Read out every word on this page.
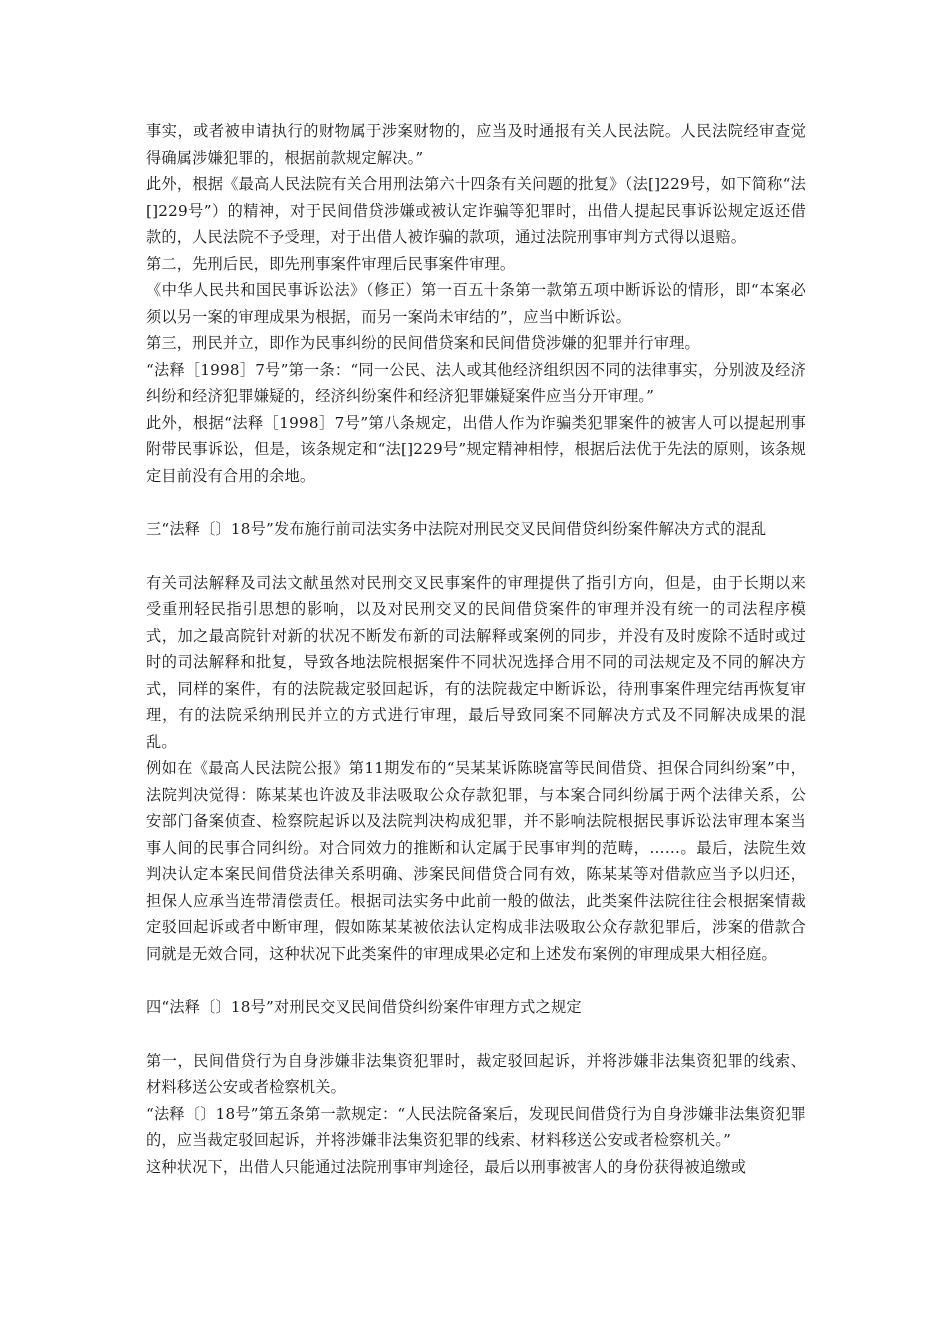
事实，或者被申请执行的财物属于涉案财物的，应当及时通报有关人民法院。人民法院经审查觉得确属涉嫌犯罪的，根据前款规定解决。”

此外，根据《最高人民法院有关合用刑法第六十四条有关问题的批复》（法[]229号，如下简称“法[]229号”）的精神，对于民间借贷涉嫌或被认定诈骗等犯罪时，出借人提起民事诉讼规定返还借款的，人民法院不予受理，对于出借人被诈骗的款项，通过法院刑事审判方式得以退赔。

第二，先刑后民，即先刑事案件审理后民事案件审理。

《中华人民共和国民事诉讼法》（修正）第一百五十条第一款第五项中断诉讼的情形，即“本案必须以另一案的审理成果为根据，而另一案尚未审结的”，应当中断诉讼。

第三，刑民并立，即作为民事纠纷的民间借贷案和民间借贷涉嫌的犯罪并行审理。

“法释［1998］7号”第一条：“同一公民、法人或其他经济组织因不同的法律事实，分别波及经济纠纷和经济犯罪嫌疑的，经济纠纷案件和经济犯罪嫌疑案件应当分开审理。”

此外，根据“法释［1998］7号”第八条规定，出借人作为诈骗类犯罪案件的被害人可以提起刑事附带民事诉讼，但是，该条规定和“法[]229号”规定精神相悖，根据后法优于先法的原则，该条规定目前没有合用的余地。

三“法释〔〕18号”发布施行前司法实务中法院对刑民交叉民间借贷纠纷案件解决方式的混乱

有关司法解释及司法文献虽然对民刑交叉民事案件的审理提供了指引方向，但是，由于长期以来受重刑轻民指引思想的影响，以及对民刑交叉的民间借贷案件的审理并没有统一的司法程序模式，加之最高院针对新的状况不断发布新的司法解释或案例的同步，并没有及时废除不适时或过时的司法解释和批复，导致各地法院根据案件不同状况选择合用不同的司法规定及不同的解决方式，同样的案件，有的法院裁定驳回起诉，有的法院裁定中断诉讼，待刑事案件理完结再恢复审理，有的法院采纳刑民并立的方式进行审理，最后导致同案不同解决方式及不同解决成果的混乱。

例如在《最高人民法院公报》第11期发布的“吴某某诉陈晓富等民间借贷、担保合同纠纷案”中，法院判决觉得：陈某某也许波及非法吸取公众存款犯罪，与本案合同纠纷属于两个法律关系，公安部门备案侦查、检察院起诉以及法院判决构成犯罪，并不影响法院根据民事诉讼法审理本案当事人间的民事合同纠纷。对合同效力的推断和认定属于民事审判的范畴，……。最后，法院生效判决认定本案民间借贷法律关系明确、涉案民间借贷合同有效，陈某某等对借款应当予以归还，担保人应承当连带清偿责任。根据司法实务中此前一般的做法，此类案件法院往往会根据案情裁定驳回起诉或者中断审理，假如陈某某被依法认定构成非法吸取公众存款犯罪后，涉案的借款合同就是无效合同，这种状况下此类案件的审理成果必定和上述发布案例的审理成果大相径庭。

四“法释〔〕18号”对刑民交叉民间借贷纠纷案件审理方式之规定

第一，民间借贷行为自身涉嫌非法集资犯罪时，裁定驳回起诉，并将涉嫌非法集资犯罪的线索、材料移送公安或者检察机关。

“法释〔〕18号”第五条第一款规定：“人民法院备案后，发现民间借贷行为自身涉嫌非法集资犯罪的，应当裁定驳回起诉，并将涉嫌非法集资犯罪的线索、材料移送公安或者检察机关。”

这种状况下，出借人只能通过法院刑事审判途径，最后以刑事被害人的身份获得被追缴或
